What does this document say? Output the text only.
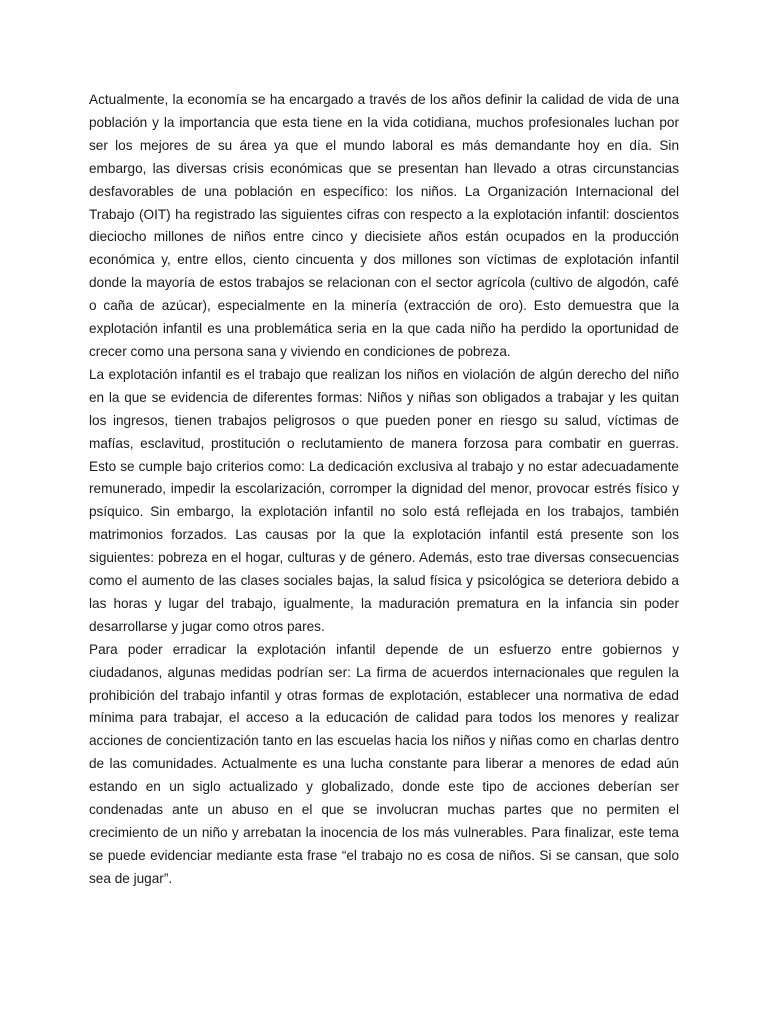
Actualmente, la economía se ha encargado a través de los años definir la calidad de vida de una población y la importancia que esta tiene en la vida cotidiana, muchos profesionales luchan por ser los mejores de su área ya que el mundo laboral es más demandante hoy en día. Sin embargo, las diversas crisis económicas que se presentan han llevado a otras circunstancias desfavorables de una población en específico: los niños. La Organización Internacional del Trabajo (OIT) ha registrado las siguientes cifras con respecto a la explotación infantil: doscientos dieciocho millones de niños entre cinco y diecisiete años están ocupados en la producción económica y, entre ellos, ciento cincuenta y dos millones son víctimas de explotación infantil donde la mayoría de estos trabajos se relacionan con el sector agrícola (cultivo de algodón, café o caña de azúcar), especialmente en la minería (extracción de oro). Esto demuestra que la explotación infantil es una problemática seria en la que cada niño ha perdido la oportunidad de crecer como una persona sana y viviendo en condiciones de pobreza.

La explotación infantil es el trabajo que realizan los niños en violación de algún derecho del niño en la que se evidencia de diferentes formas: Niños y niñas son obligados a trabajar y les quitan los ingresos, tienen trabajos peligrosos o que pueden poner en riesgo su salud, víctimas de mafías, esclavitud, prostitución o reclutamiento de manera forzosa para combatir en guerras. Esto se cumple bajo criterios como: La dedicación exclusiva al trabajo y no estar adecuadamente remunerado, impedir la escolarización, corromper la dignidad del menor, provocar estrés físico y psíquico. Sin embargo, la explotación infantil no solo está reflejada en los trabajos, también matrimonios forzados. Las causas por la que la explotación infantil está presente son los siguientes: pobreza en el hogar, culturas y de género. Además, esto trae diversas consecuencias como el aumento de las clases sociales bajas, la salud física y psicológica se deteriora debido a las horas y lugar del trabajo, igualmente, la maduración prematura en la infancia sin poder desarrollarse y jugar como otros pares.

Para poder erradicar la explotación infantil depende de un esfuerzo entre gobiernos y ciudadanos, algunas medidas podrían ser: La firma de acuerdos internacionales que regulen la prohibición del trabajo infantil y otras formas de explotación, establecer una normativa de edad mínima para trabajar, el acceso a la educación de calidad para todos los menores y realizar acciones de concientización tanto en las escuelas hacia los niños y niñas como en charlas dentro de las comunidades. Actualmente es una lucha constante para liberar a menores de edad aún estando en un siglo actualizado y globalizado, donde este tipo de acciones deberían ser condenadas ante un abuso en el que se involucran muchas partes que no permiten el crecimiento de un niño y arrebatan la inocencia de los más vulnerables. Para finalizar, este tema se puede evidenciar mediante esta frase “el trabajo no es cosa de niños. Si se cansan, que solo sea de jugar”.
